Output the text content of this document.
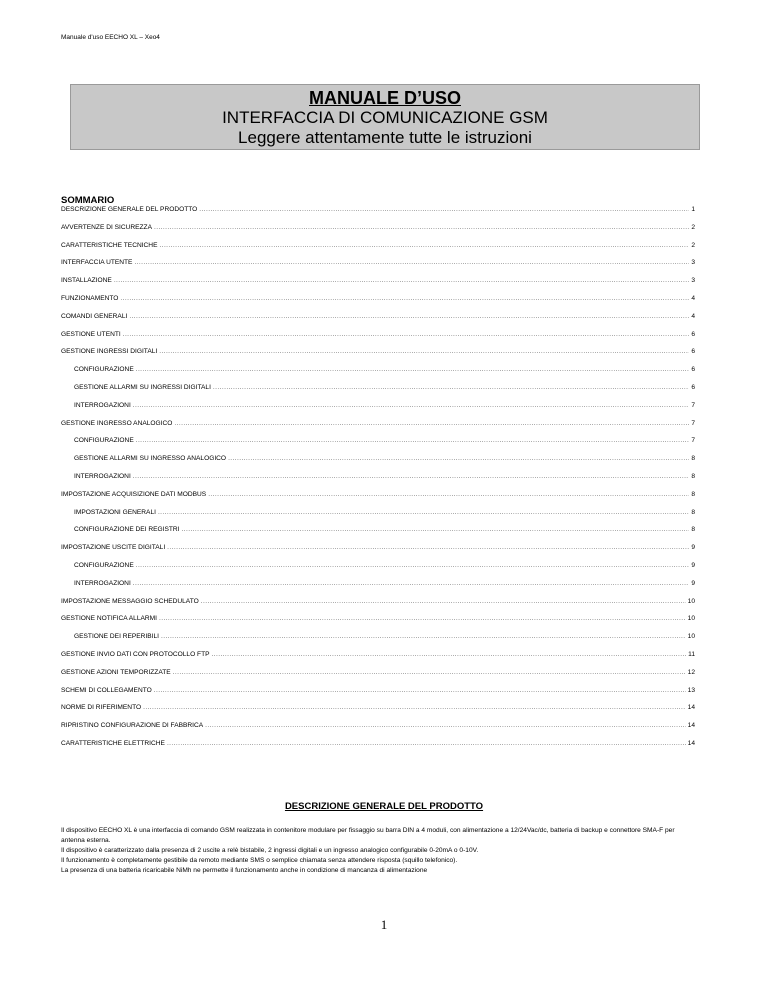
Manuale d'uso EECHO XL – Xeo4
MANUALE D’USO
INTERFACCIA DI COMUNICAZIONE GSM
Leggere attentamente tutte le istruzioni
SOMMARIO
DESCRIZIONE GENERALE DEL PRODOTTO .....	1
AVVERTENZE DI SICUREZZA .....	2
CARATTERISTICHE TECNICHE .....	2
INTERFACCIA UTENTE .....	3
INSTALLAZIONE .....	3
FUNZIONAMENTO .....	4
COMANDI GENERALI .....	4
GESTIONE UTENTI .....	6
GESTIONE INGRESSI DIGITALI .....	6
CONFIGURAZIONE .....	6
GESTIONE ALLARMI SU INGRESSI DIGITALI .....	6
INTERROGAZIONI .....	7
GESTIONE INGRESSO ANALOGICO .....	7
CONFIGURAZIONE .....	7
GESTIONE ALLARMI SU INGRESSO ANALOGICO .....	8
INTERROGAZIONI .....	8
IMPOSTAZIONE ACQUISIZIONE DATI MODBUS .....	8
IMPOSTAZIONI GENERALI .....	8
CONFIGURAZIONE DEI REGISTRI .....	8
IMPOSTAZIONE USCITE DIGITALI .....	9
CONFIGURAZIONE .....	9
INTERROGAZIONI .....	9
IMPOSTAZIONE MESSAGGIO SCHEDULATO .....	10
GESTIONE NOTIFICA ALLARMI .....	10
GESTIONE DEI REPERIBILI .....	10
GESTIONE INVIO DATI CON PROTOCOLLO FTP .....	11
GESTIONE AZIONI TEMPORIZZATE .....	12
SCHEMI DI COLLEGAMENTO .....	13
NORME DI RIFERIMENTO .....	14
RIPRISTINO CONFIGURAZIONE DI FABBRICA .....	14
CARATTERISTICHE ELETTRICHE .....	14
DESCRIZIONE GENERALE DEL PRODOTTO

Il dispositivo EECHO XL è una interfaccia di comando GSM realizzata in contenitore modulare per fissaggio su barra DIN a 4 moduli, con alimentazione a 12/24Vac/dc, batteria di backup e connettore SMA-F per antenna esterna.

Il dispositivo è caratterizzato dalla presenza di 2 uscite a relè bistabile, 2 ingressi digitali e un ingresso analogico configurabile 0-20mA o 0-10V.

Il funzionamento è completamente gestibile da remoto mediante SMS o semplice chiamata senza attendere risposta (squillo telefonico).

La presenza di una batteria ricaricabile NiMh ne permette il funzionamento anche in condizione di mancanza di alimentazione

1
